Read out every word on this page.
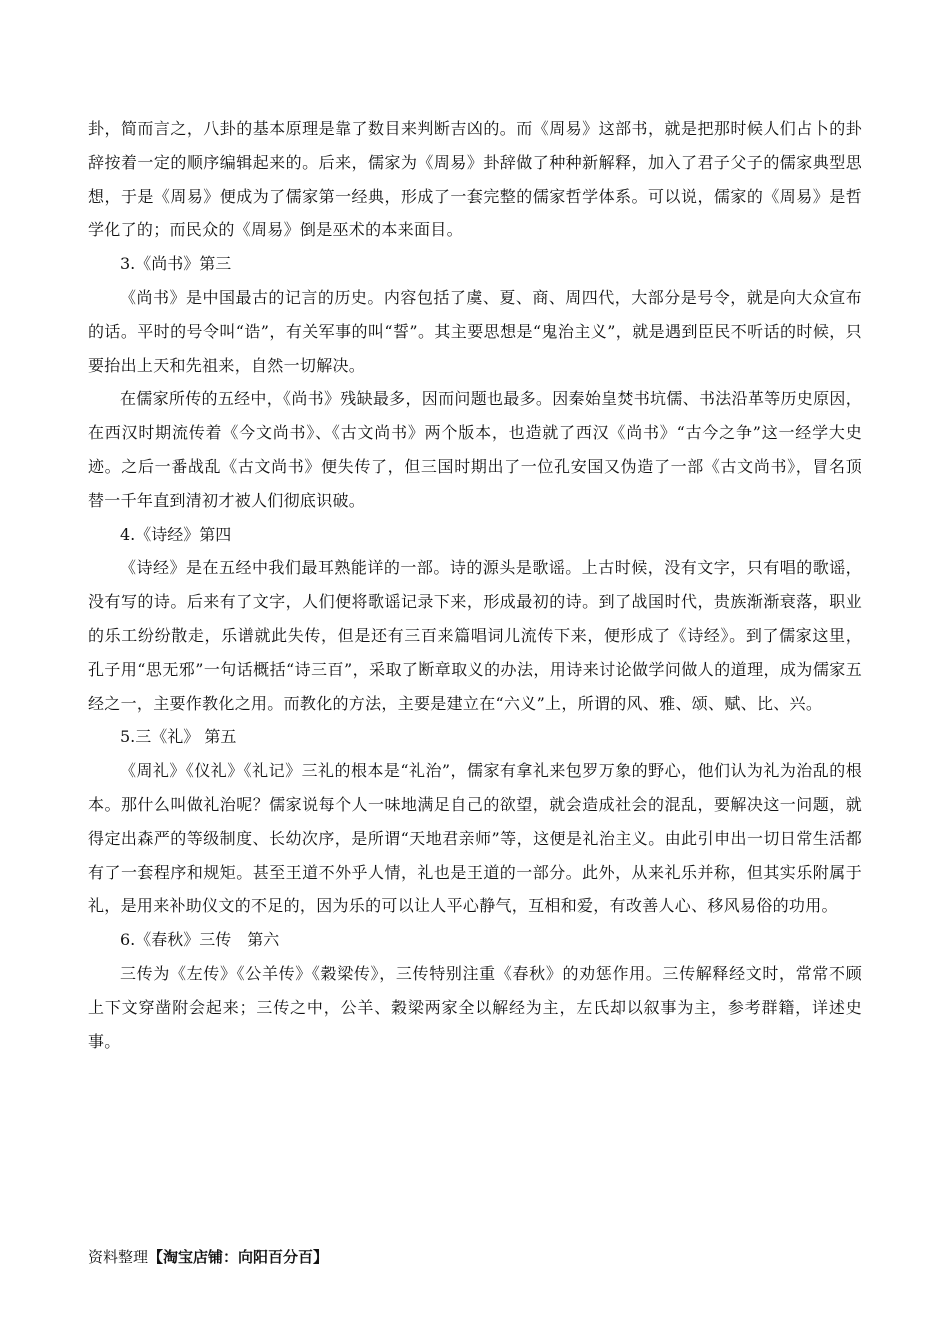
卦，简而言之，八卦的基本原理是靠了数目来判断吉凶的。而《周易》这部书，就是把那时候人们占卜的卦辞按着一定的顺序编辑起来的。后来，儒家为《周易》卦辞做了种种新解释，加入了君子父子的儒家典型思想，于是《周易》便成为了儒家第一经典，形成了一套完整的儒家哲学体系。可以说，儒家的《周易》是哲学化了的；而民众的《周易》倒是巫术的本来面目。

3.《尚书》第三

《尚书》是中国最古的记言的历史。内容包括了虞、夏、商、周四代，大部分是号令，就是向大众宣布的话。平时的号令叫“诰”，有关军事的叫“誓”。其主要思想是“鬼治主义”，就是遇到臣民不听话的时候，只要抬出上天和先祖来，自然一切解决。

在儒家所传的五经中，《尚书》残缺最多，因而问题也最多。因秦始皇焚书坑儒、书法沿革等历史原因，在西汉时期流传着《今文尚书》、《古文尚书》两个版本，也造就了西汉《尚书》“古今之争”这一经学大史迹。之后一番战乱《古文尚书》便失传了，但三国时期出了一位孔安国又伪造了一部《古文尚书》，冒名顶替一千年直到清初才被人们彻底识破。

4.《诗经》第四

《诗经》是在五经中我们最耳熟能详的一部。诗的源头是歌谣。上古时候，没有文字，只有唱的歌谣，没有写的诗。后来有了文字，人们便将歌谣记录下来，形成最初的诗。到了战国时代，贵族渐渐衰落，职业的乐工纷纷散走，乐谱就此失传，但是还有三百来篇唱词儿流传下来，便形成了《诗经》。到了儒家这里，孔子用“思无邪”一句话概括“诗三百”，采取了断章取义的办法，用诗来讨论做学问做人的道理，成为儒家五经之一，主要作教化之用。而教化的方法，主要是建立在“六义”上，所谓的风、雅、颂、赋、比、兴。

5.三《礼》 第五

《周礼》《仪礼》《礼记》三礼的根本是“礼治”，儒家有拿礼来包罗万象的野心，他们认为礼为治乱的根本。那什么叫做礼治呢？儒家说每个人一味地满足自己的欲望，就会造成社会的混乱，要解决这一问题，就得定出森严的等级制度、长幼次序，是所谓“天地君亲师”等，这便是礼治主义。由此引申出一切日常生活都有了一套程序和规矩。甚至王道不外乎人情，礼也是王道的一部分。此外，从来礼乐并称，但其实乐附属于礼，是用来补助仪文的不足的，因为乐的可以让人平心静气，互相和爱，有改善人心、移风易俗的功用。

6.《春秋》三传　第六

三传为《左传》《公羊传》《穀梁传》，三传特别注重《春秋》的劝惩作用。三传解释经文时，常常不顾上下文穿凿附会起来；三传之中，公羊、穀梁两家全以解经为主，左氏却以叙事为主，参考群籍，详述史事。

资料整理【淘宝店铺：向阳百分百】
